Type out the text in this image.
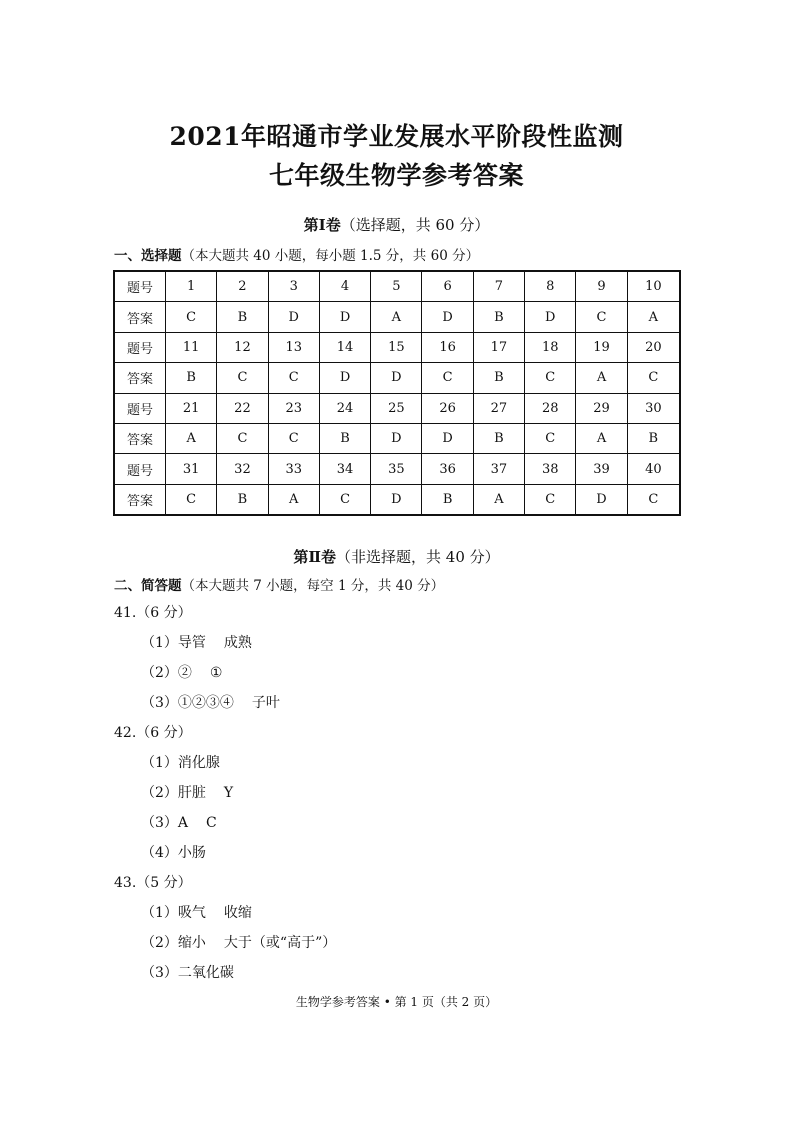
2021年昭通市学业发展水平阶段性监测
七年级生物学参考答案
第Ⅰ卷（选择题，共 60 分）
一、选择题（本大题共 40 小题，每小题 1.5 分，共 60 分）
题号	1	2	3	4	5	6	7	8	9	10
答案	C	B	D	D	A	D	B	D	C	A
题号	11	12	13	14	15	16	17	18	19	20
答案	B	C	C	D	D	C	B	C	A	C
题号	21	22	23	24	25	26	27	28	29	30
答案	A	C	C	B	D	D	B	C	A	B
题号	31	32	33	34	35	36	37	38	39	40
答案	C	B	A	C	D	B	A	C	D	C
第Ⅱ卷（非选择题，共 40 分）
二、简答题（本大题共 7 小题，每空 1 分，共 40 分）
41.（6 分）
（1）导管 成熟
（2）② ①
（3）①②③④ 子叶
42.（6 分）
（1）消化腺
（2）肝脏 Y
（3）A C
（4）小肠
43.（5 分）
（1）吸气 收缩
（2）缩小 大于（或“高于”）
（3）二氧化碳
生物学参考答案 • 第 1 页（共 2 页）
